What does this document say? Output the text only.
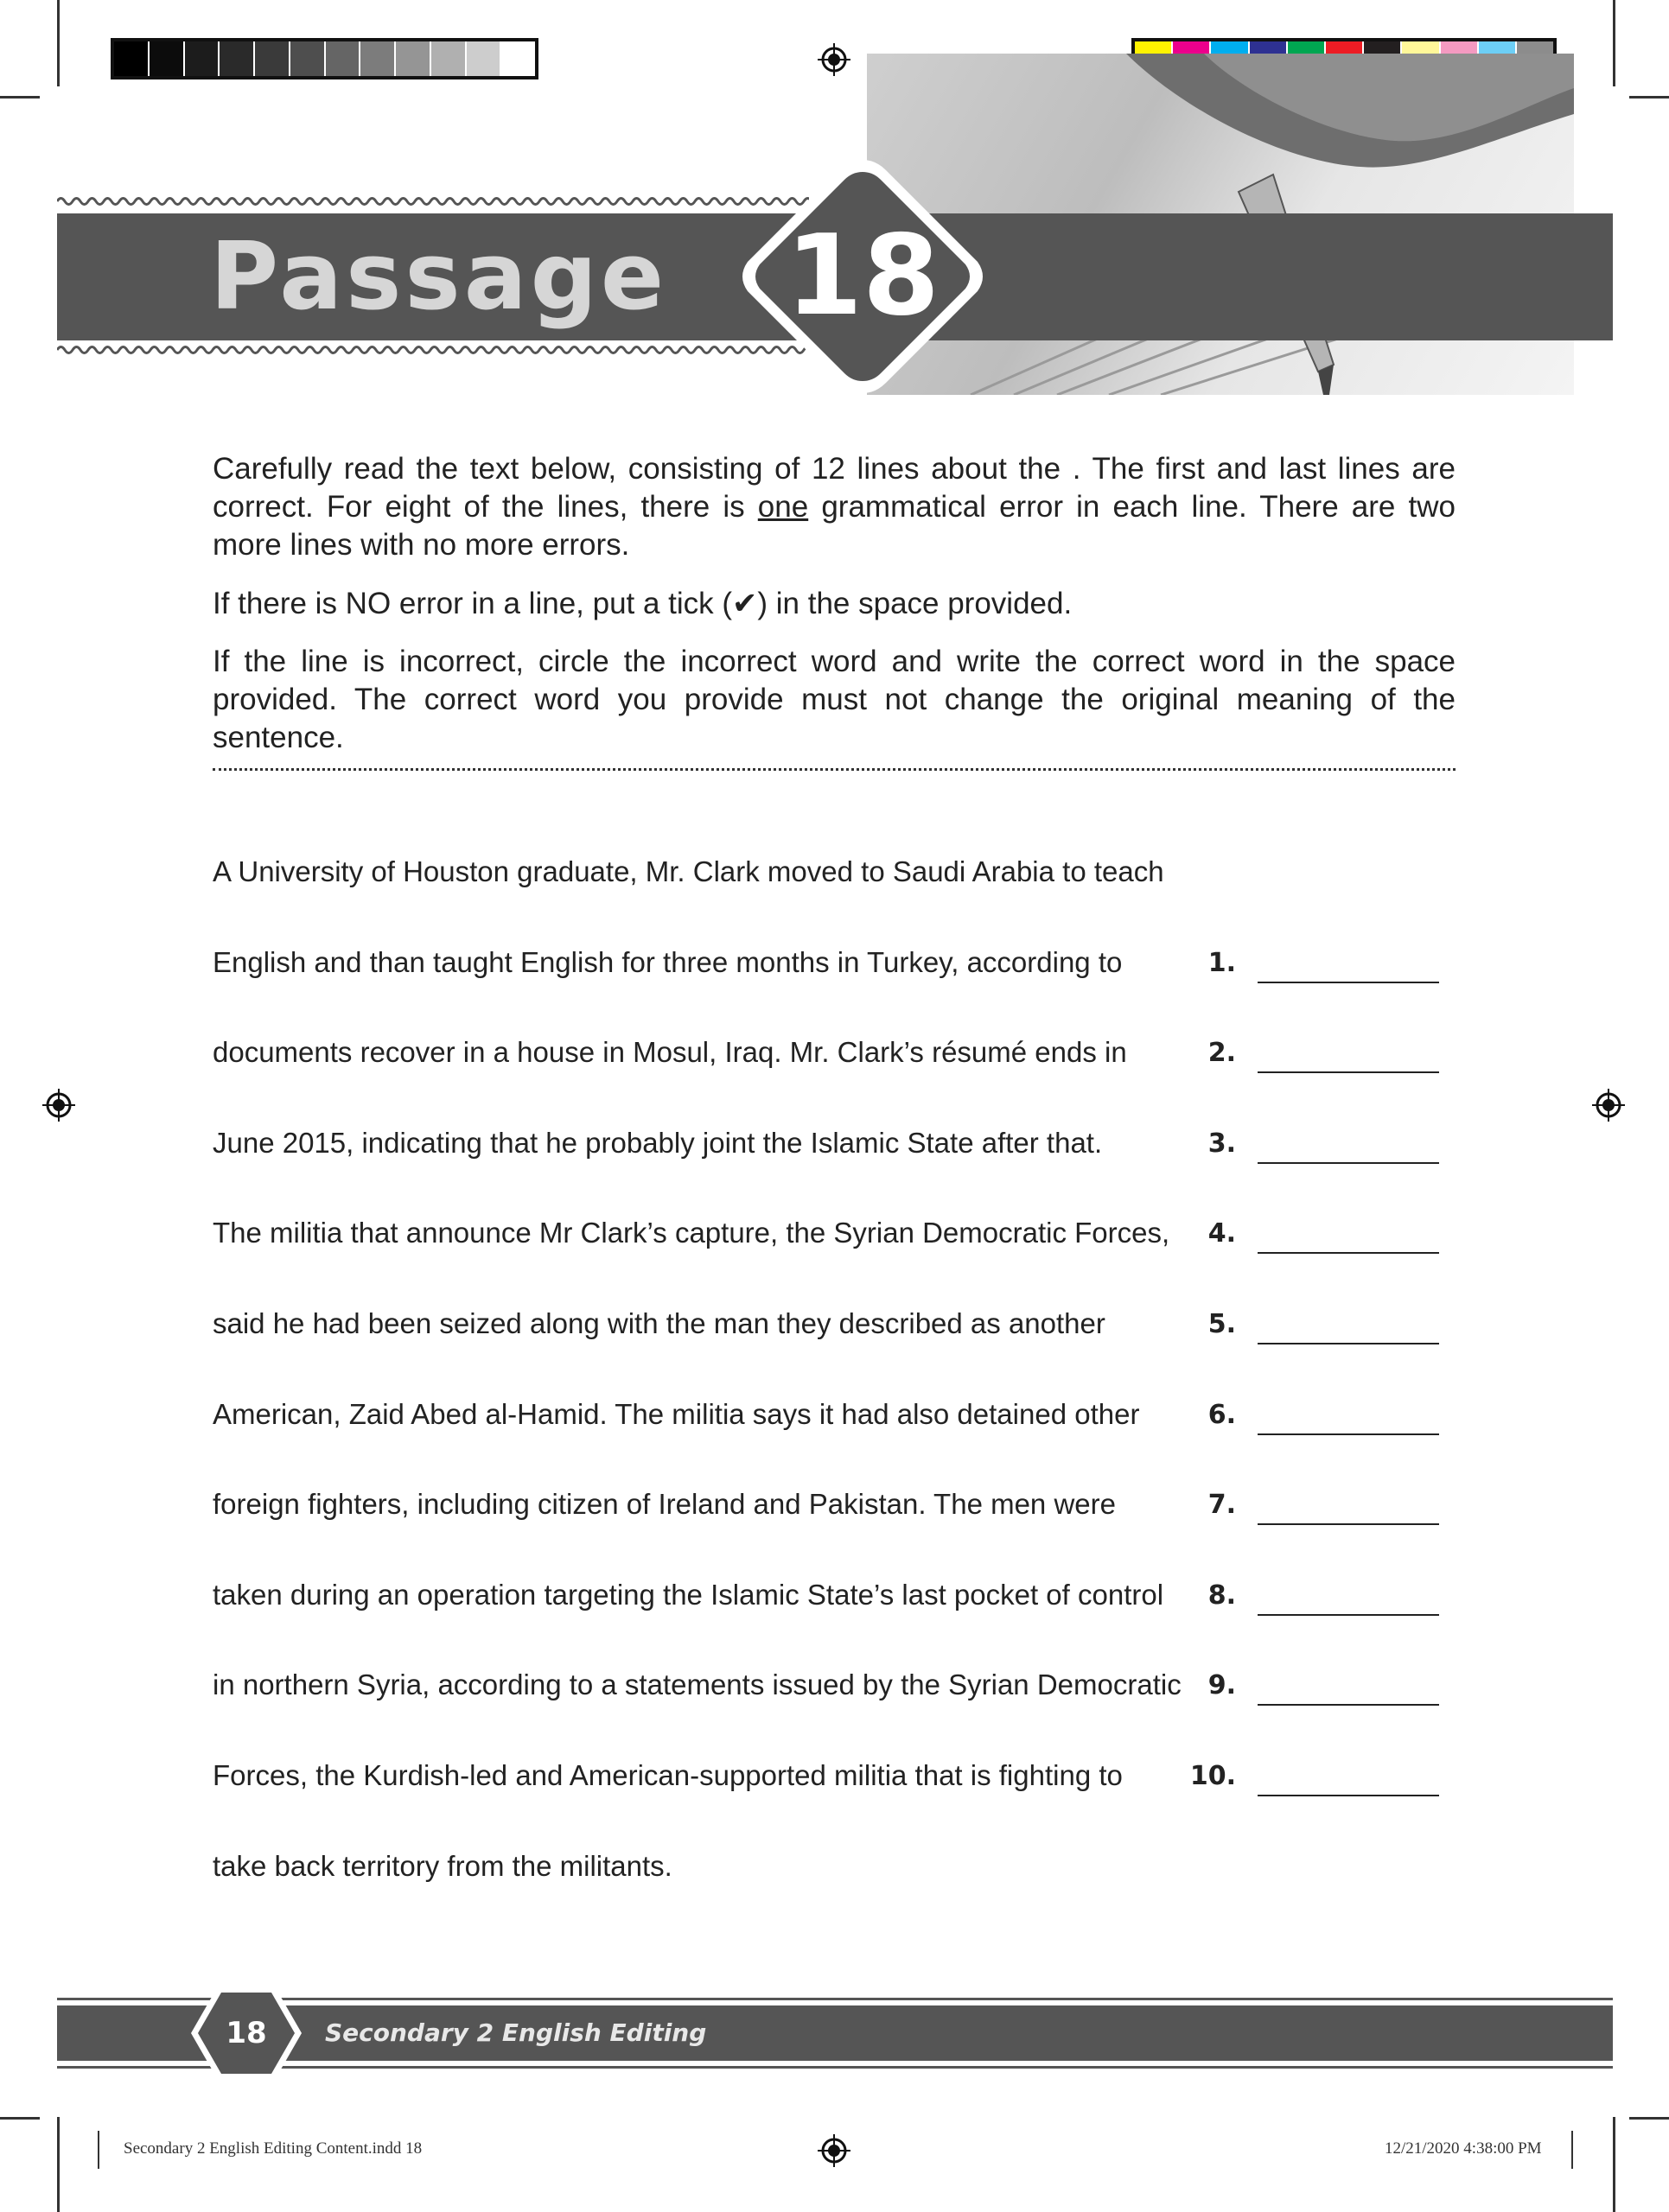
Passage	18
Carefully read the text below, consisting of 12 lines about the . The first and last lines are correct. For eight of the lines, there is one grammatical error in each line. There are two more lines with no more errors.
If there is NO error in a line, put a tick (✔) in the space provided.
If the line is incorrect, circle the incorrect word and write the correct word in the space provided. The correct word you provide must not change the original meaning of the sentence.
A University of Houston graduate, Mr. Clark moved to Saudi Arabia to teach
English and than taught English for three months in Turkey, according to	1.
documents recover in a house in Mosul, Iraq. Mr. Clark’s résumé ends in	2.
June 2015, indicating that he probably joint the Islamic State after that.	3.
The militia that announce Mr Clark’s capture, the Syrian Democratic Forces,	4.
said he had been seized along with the man they described as another	5.
American, Zaid Abed al-Hamid. The militia says it had also detained other	6.
foreign fighters, including citizen of Ireland and Pakistan. The men were	7.
taken during an operation targeting the Islamic State’s last pocket of control	8.
in northern Syria, according to a statements issued by the Syrian Democratic	9.
Forces, the Kurdish-led and American-supported militia that is fighting to	10.
take back territory from the militants.
18	Secondary 2 English Editing
Secondary 2 English Editing Content.indd 18	12/21/2020 4:38:00 PM
